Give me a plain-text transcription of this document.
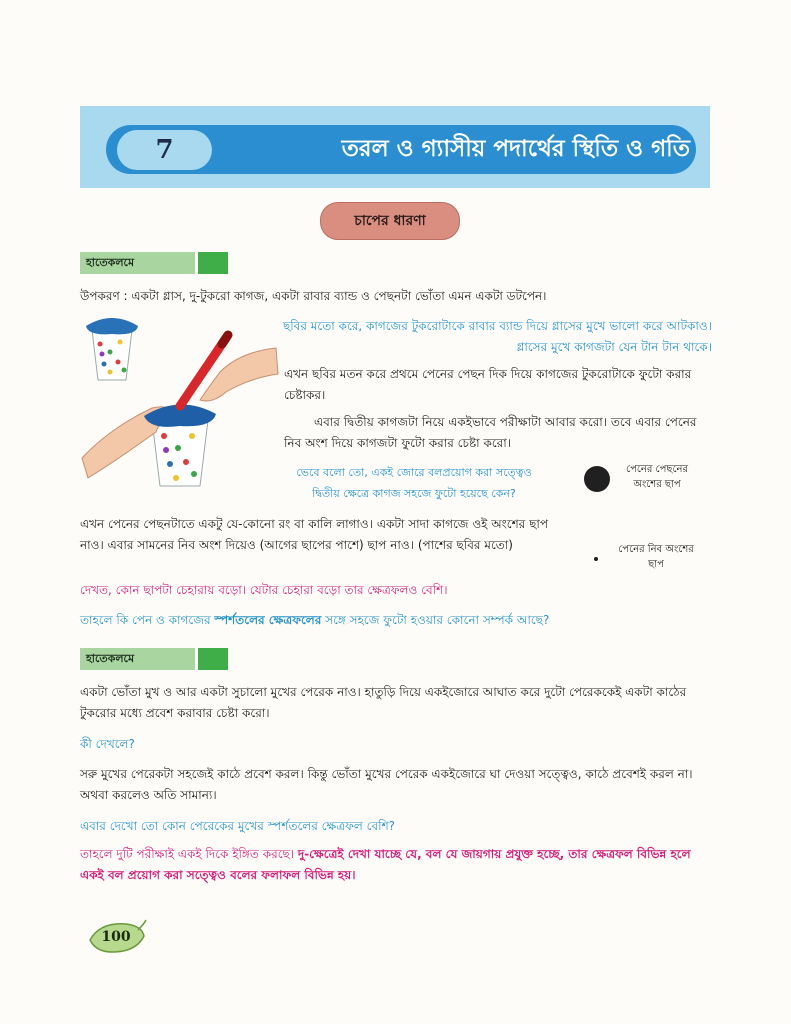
7	তরল ও গ্যাসীয় পদার্থের স্থিতি ও গতি
চাপের ধারণা
হাতেকলমে
উপকরণ : একটা গ্লাস, দু-টুকরো কাগজ, একটা রাবার ব্যান্ড ও পেছনটা ভোঁতা এমন একটা ডটপেন।
ছবির মতো করে, কাগজের টুকরোটাকে রাবার ব্যান্ড দিয়ে গ্লাসের মুখে ভালো করে আটকাও। গ্লাসের মুখে কাগজটা যেন টান টান থাকে।
এখন ছবির মতন করে প্রথমে পেনের পেছন দিক দিয়ে কাগজের টুকরোটাকে ফুটো করার চেষ্টাকর।
এবার দ্বিতীয় কাগজটা নিয়ে একইভাবে পরীক্ষাটা আবার করো। তবে এবার পেনের নিব অংশ দিয়ে কাগজটা ফুটো করার চেষ্টা করো।
ভেবে বলো তো, একই জোরে বলপ্রয়োগ করা সত্ত্বেও দ্বিতীয় ক্ষেত্রে কাগজ সহজে ফুটো হয়েছে কেন?
পেনের পেছনের অংশের ছাপ
পেনের নিব অংশের ছাপ
এখন পেনের পেছনটাতে একটু যে-কোনো রং বা কালি লাগাও। একটা সাদা কাগজে ওই অংশের ছাপ নাও। এবার সামনের নিব অংশ দিয়েও (আগের ছাপের পাশে) ছাপ নাও। (পাশের ছবির মতো)
দেখত, কোন ছাপটা চেহারায় বড়ো। যেটার চেহারা বড়ো তার ক্ষেত্রফলও বেশি।
তাহলে কি পেন ও কাগজের স্পর্শতলের ক্ষেত্রফলের সঙ্গে সহজে ফুটো হওয়ার কোনো সম্পর্ক আছে?
হাতেকলমে
একটা ভোঁতা মুখ ও আর একটা সুচালো মুখের পেরেক নাও। হাতুড়ি দিয়ে একইজোরে আঘাত করে দুটো পেরেককেই একটা কাঠের টুকরোর মধ্যে প্রবেশ করাবার চেষ্টা করো।
কী দেখলে?
সরু মুখের পেরেকটা সহজেই কাঠে প্রবেশ করল। কিন্তু ভোঁতা মুখের পেরেক একইজোরে ঘা দেওয়া সত্ত্বেও, কাঠে প্রবেশই করল না। অথবা করলেও অতি সামান্য।
এবার দেখো তো কোন পেরেকের মুখের স্পর্শতলের ক্ষেত্রফল বেশি?
তাহলে দুটি পরীক্ষাই একই দিকে ইঙ্গিত করছে। দু-ক্ষেত্রেই দেখা যাচ্ছে যে, বল যে জায়গায় প্রযুক্ত হচ্ছে, তার ক্ষেত্রফল বিভিন্ন হলে একই বল প্রয়োগ করা সত্ত্বেও বলের ফলাফল বিভিন্ন হয়।
100
